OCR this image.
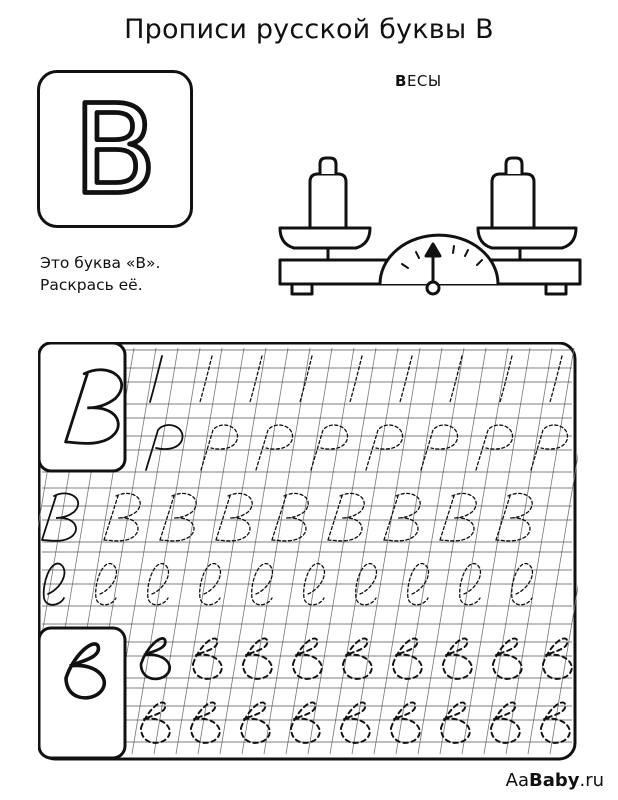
Прописи русской буквы В
В
Это буква «В».
Раскрась её.
ВЕСЫ
AaBaby.ru
